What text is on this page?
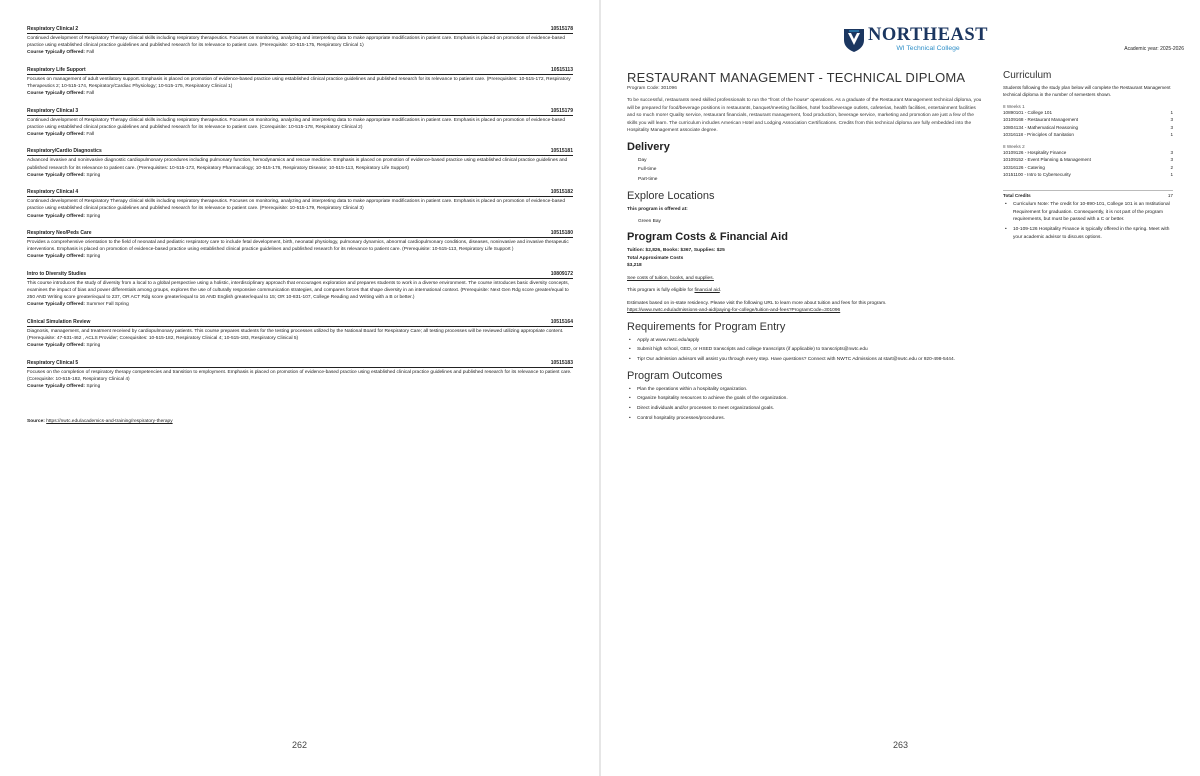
Respiratory Clinical 2	10515178
Continued development of Respiratory Therapy clinical skills including respiratory therapeutics. Focuses on monitoring, analyzing and interpreting data to make appropriate modifications in patient care. Emphasis is placed on promotion of evidence-based practice using established clinical practice guidelines and published research for its relevance to patient care. (Prerequisite: 10-515-175, Respiratory Clinical 1)
Course Typically Offered: Fall
Respiratory Life Support	10515113
Focuses on management of adult ventilatory support. Emphasis is placed on promotion of evidence-based practice using established clinical practice guidelines and published research for its relevance to patient care. (Prerequisites: 10-515-172, Respiratory Therapeutics 2; 10-515-174, Respiratory/Cardiac Physiology; 10-515-175, Respiratory Clinical 1)
Course Typically Offered: Fall
Respiratory Clinical 3	10515179
Continued development of Respiratory Therapy clinical skills including respiratory therapeutics. Focuses on monitoring, analyzing and interpreting data to make appropriate modifications in patient care. Emphasis is placed on promotion of evidence-based practice using established clinical practice guidelines and published research for its relevance to patient care. (Corequisite: 10-515-178, Respiratory Clinical 2)
Course Typically Offered: Fall
Respiratory/Cardio Diagnostics	10515181
Advanced invasive and noninvasive diagnostic cardiopulmonary procedures including pulmonary function, hemodynamics and rescue medicine. Emphasis is placed on promotion of evidence-based practice using established clinical practice guidelines and published research for its relevance to patient care. (Prerequisites: 10-515-173, Respiratory Pharmacology; 10-515-176, Respiratory Disease; 10-515-113, Respiratory Life Support)
Course Typically Offered: Spring
Respiratory Clinical 4	10515182
Continued development of Respiratory Therapy clinical skills including respiratory therapeutics. Focuses on monitoring, analyzing and interpreting data to make appropriate modifications in patient care. Emphasis is placed on promotion of evidence-based practice using established clinical practice guidelines and published research for its relevance to patient care. (Prerequisite: 10-515-179, Respiratory Clinical 3)
Course Typically Offered: Spring
Respiratory Neo/Peds Care	10515180
Provides a comprehensive orientation to the field of neonatal and pediatric respiratory care to include fetal development, birth, neonatal physiology, pulmonary dynamics, abnormal cardiopulmonary conditions, diseases, noninvasive and invasive therapeutic interventions. Emphasis is placed on promotion of evidence-based practice using established clinical practice guidelines and published research for its relevance to patient care. (Prerequisite: 10-515-113, Respiratory Life Support )
Course Typically Offered: Spring
Intro to Diversity Studies	10809172
This course introduces the study of diversity from a local to a global perspective using a holistic, interdisciplinary approach that encourages exploration and prepares students to work in a diverse environment. The course introduces basic diversity concepts, examines the impact of bias and power differentials among groups, explores the use of culturally responsive communication strategies, and compares forces that shape diversity in an international context. (Prerequisite: Next Gen Rdg score greater/equal to 250 AND Writing score greater/equal to 237, OR ACT Rdg score greater/equal to 16 AND English greater/equal to 15; OR 10-831-107, College Reading and Writing with a B or better.)
Course Typically Offered: Summer Fall Spring
Clinical Simulation Review	10515164
Diagnosis, management, and treatment received by cardiopulmonary patients. This course prepares students for the testing processes utilized by the National Board for Respiratory Care; all testing processes will be reviewed utilizing appropriate content. (Prerequisite: 47-531-462 , ACLS Provider; Corequisites: 10-515-182, Respiratory Clinical 4; 10-515-183, Respiratory Clinical 5)
Course Typically Offered: Spring
Respiratory Clinical 5	10515183
Focuses on the completion of respiratory therapy competencies and transition to employment. Emphasis is placed on promotion of evidence-based practice using established clinical practice guidelines and published research for its relevance to patient care. (Corequisite: 10-515-182, Respiratory Clinical 4)
Course Typically Offered: Spring
Source: https://nwtc.edu/academics-and-training/respiratory-therapy
262
NORTHEAST
WI Technical College	Academic year: 2025-2026
RESTAURANT MANAGEMENT - TECHNICAL DIPLOMA
Program Code: 301096
To be successful, restaurants need skilled professionals to run the "front of the house" operations. As a graduate of the Restaurant Management technical diploma, you will be prepared for food/beverage positions in restaurants, banquet/meeting facilities, hotel food/beverage outlets, cafeterias, health facilities, entertainment facilities and so much more! Quality service, restaurant financials, restaurant management, food production, beverage service, marketing and promotion are just a few of the skills you will learn. The curriculum includes American Hotel and Lodging Association Certifications. Credits from this technical diploma are fully embedded into the Hospitality Management associate degree.
Delivery
Day
Full-time
Part-time
Explore Locations
This program is offered at:
Green Bay
Program Costs & Financial Aid
Tuition: $2,826, Books: $367, Supplies: $25
Total Approximate Costs
$3,218
See costs of tuition, books, and supplies.
This program is fully eligible for financial aid.
Estimates based on in-state residency. Please visit the following URL to learn more about tuition and fees for this program.
https://www.nwtc.edu/admissions-and-aid/paying-for-college/tuition-and-fees?ProgramCode=301096
Requirements for Program Entry
• Apply at www.nwtc.edu/apply
• Submit high school, GED, or HSED transcripts and college transcripts (if applicable) to transcripts@nwtc.edu
• Tip! Our admission advisors will assist you through every step. Have questions? Connect with NWTC Admissions at start@nwtc.edu or 920-498-5444.
Program Outcomes
• Plan the operations within a hospitality organization.
• Organize hospitality resources to achieve the goals of the organization.
• Direct individuals and/or processes to meet organizational goals.
• Control hospitality processes/procedures.
Curriculum
Students following the study plan below will complete the Restaurant Management technical diploma in the number of semesters shown.
8 Weeks 1
10890101 - College 101	1
10109168 - Restaurant Management	3
10804134 - Mathematical Reasoning	3
10316118 - Principles of Sanitation	1
8 Weeks 2
10109126 - Hospitality Finance	3
10109152 - Event Planning & Management	3
10316126 - Catering	2
10151100 - Intro to Cybersecurity	1
Total Credits	17
• Curriculum Note: The credit for 10-890-101, College 101 is an Institutional Requirement for graduation. Consequently, it is not part of the program requirements, but must be passed with a C or better.
• 10-109-126 Hospitality Finance is typically offered in the spring. Meet with your academic advisor to discuss options.
263
